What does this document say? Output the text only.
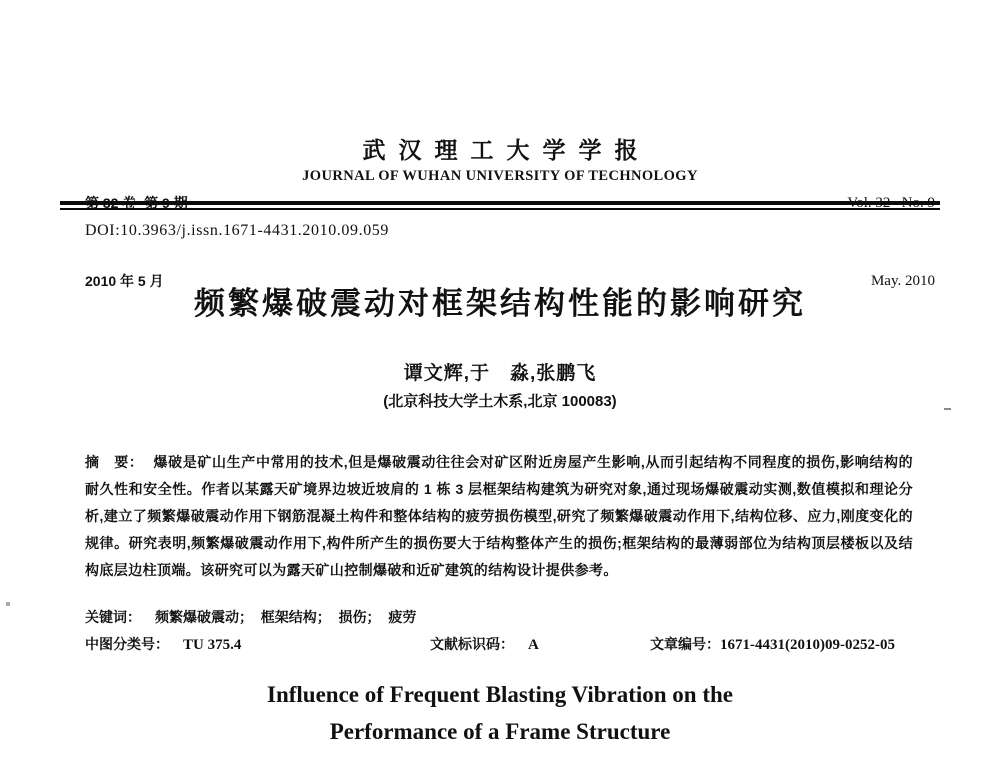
2010 年 5 月

武汉理工大学学报
JOURNAL OF WUHAN UNIVERSITY OF TECHNOLOGY

May. 2010

DOI:10.3963/j.issn.1671-4431.2010.09.059
频繁爆破震动对框架结构性能的影响研究
谭文辉,于　淼,张鹏飞
(北京科技大学土木系,北京 100083)
摘　要： 爆破是矿山生产中常用的技术,但是爆破震动往往会对矿区附近房屋产生影响,从而引起结构不同程度的损伤,影响结构的耐久性和安全性。作者以某露天矿境界边坡近坡肩的 1 栋 3 层框架结构建筑为研究对象,通过现场爆破震动实测,数值模拟和理论分析,建立了频繁爆破震动作用下钢筋混凝土构件和整体结构的疲劳损伤模型,研究了频繁爆破震动作用下,结构位移、应力,刚度变化的规律。研究表明,频繁爆破震动作用下,构件所产生的损伤要大于结构整体产生的损伤;框架结构的最薄弱部位为结构顶层楼板以及结构底层边柱顶端。该研究可以为露天矿山控制爆破和近矿建筑的结构设计提供参考。
关键词： 频繁爆破震动；  框架结构；  损伤；  疲劳
中图分类号： TU 375.4	文献标识码： A	文章编号：1671-4431(2010)09-0252-05
Influence of Frequent Blasting Vibration on the
Performance of a Frame Structure
